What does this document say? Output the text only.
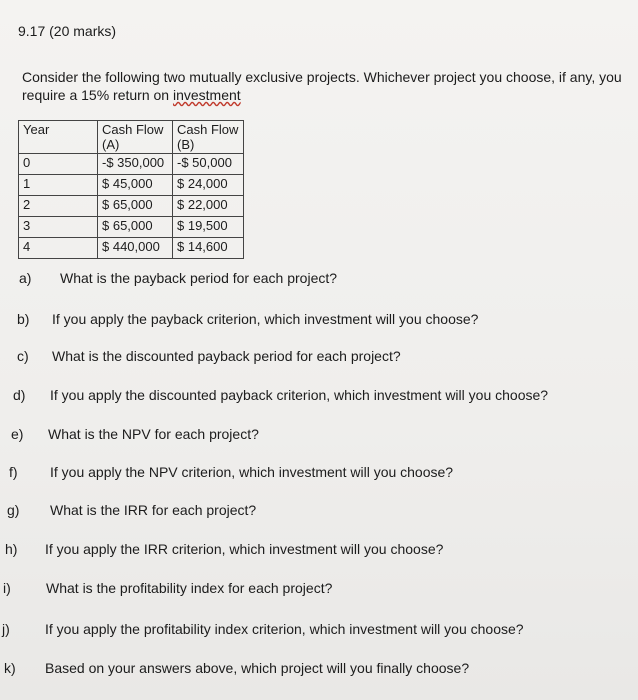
9.17 (20 marks)
Consider the following two mutually exclusive projects. Whichever project you choose, if any, you require a 15% return on investment
Year	Cash Flow (A)	Cash Flow (B)
0	-$ 350,000	-$ 50,000
1	$ 45,000	$ 24,000
2	$ 65,000	$ 22,000
3	$ 65,000	$ 19,500
4	$ 440,000	$ 14,600
a) What is the payback period for each project?
b) If you apply the payback criterion, which investment will you choose?
c) What is the discounted payback period for each project?
d) If you apply the discounted payback criterion, which investment will you choose?
e) What is the NPV for each project?
f) If you apply the NPV criterion, which investment will you choose?
g) What is the IRR for each project?
h) If you apply the IRR criterion, which investment will you choose?
i)	What is the profitability index for each project?
j)	If you apply the profitability index criterion, which investment will you choose?
k) Based on your answers above, which project will you finally choose?
